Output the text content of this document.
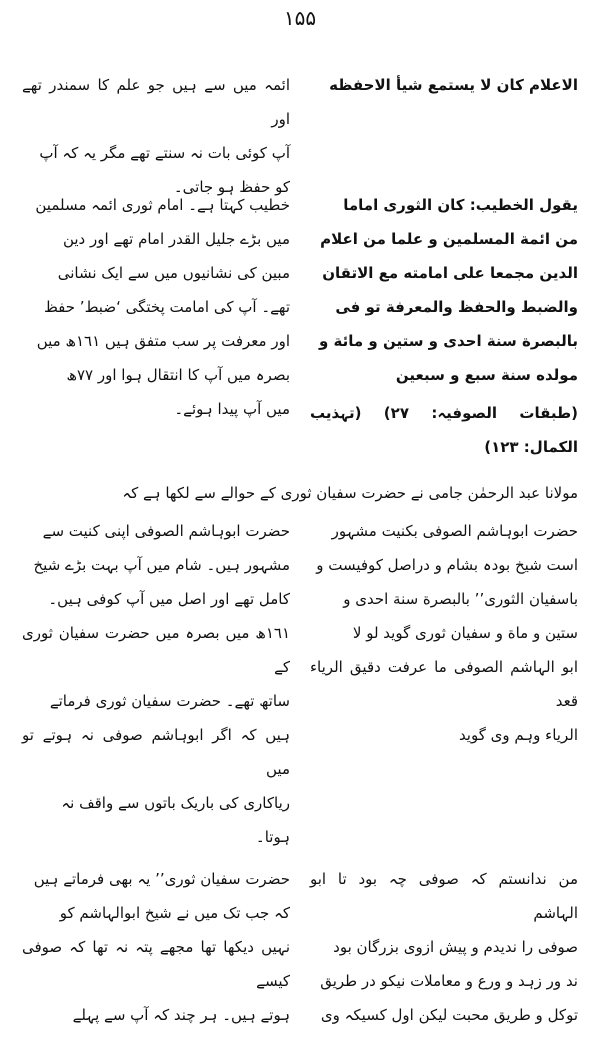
١۵۵

الاعلام کان لا یستمع شیأ الاحفظه

ائمہ میں سے ہیں جو علم کا سمندر تھے اور

آپ کوئی بات نہ سنتے تھے مگر یہ کہ آپ

کو حفظ ہو جاتی۔

یقول الخطیب: کان الثوری اماما

من ائمة المسلمین و علما من اعلام

الدین مجمعا علی امامته مع الاتقان

والضبط والحفظ والمعرفة تو فی

بالبصرة سنة احدی و ستین و مائة و

مولده سنة سبع و سبعین

(طبقات الصوفیہ: ٢٧) (تہذیب الکمال: ١٢٣)

خطیب کہتا ہے۔ امام ثوری ائمہ مسلمین

میں بڑے جلیل القدر امام تھے اور دین

مبین کی نشانیوں میں سے ایک نشانی

تھے۔ آپ کی امامت پختگی ‘ضبط’ حفظ

اور معرفت پر سب متفق ہیں ١٦١ھ میں

بصرہ میں آپ کا انتقال ہوا اور ٧٧ھ

میں آپ پیدا ہوئے۔

مولانا عبد الرحمٰن جامی نے حضرت سفیان ثوری کے حوالے سے لکھا ہے کہ

حضرت ابوہاشم الصوفی بکنیت مشہور

است شیخ بودہ بشام و دراصل کوفیست و

باسفیان الثوری’’ بالبصرة سنة احدی و

ستین و ماة و سفیان ثوری گوید لو لا

ابو الہاشم الصوفی ما عرفت دقیق الریاء قعد

الریاء وہم وی گوید

حضرت ابوہاشم الصوفی اپنی کنیت سے

مشہور ہیں۔ شام میں آپ بہت بڑے شیخ

کامل تھے اور اصل میں آپ کوفی ہیں۔

١٦١ھ میں بصرہ میں حضرت سفیان ثوری کے

ساتھ تھے۔ حضرت سفیان ثوری فرماتے

ہیں کہ اگر ابوہاشم صوفی نہ ہوتے تو میں

ریاکاری کی باریک باتوں سے واقف نہ

ہوتا۔

من ندانستم کہ صوفی چہ بود تا ابو الہاشم

صوفی را ندیدم و پیش ازوی بزرگان بود

ند ور زہد و ورع و معاملات نیکو در طریق

توکل و طریق محبت لیکن اول کسیکہ وی

حضرت سفیان ثوری’’ یہ بھی فرماتے ہیں

کہ جب تک میں نے شیخ ابوالہاشم کو

نہیں دیکھا تھا مجھے پتہ نہ تھا کہ صوفی کیسے

ہوتے ہیں۔ ہر چند کہ آپ سے پہلے
